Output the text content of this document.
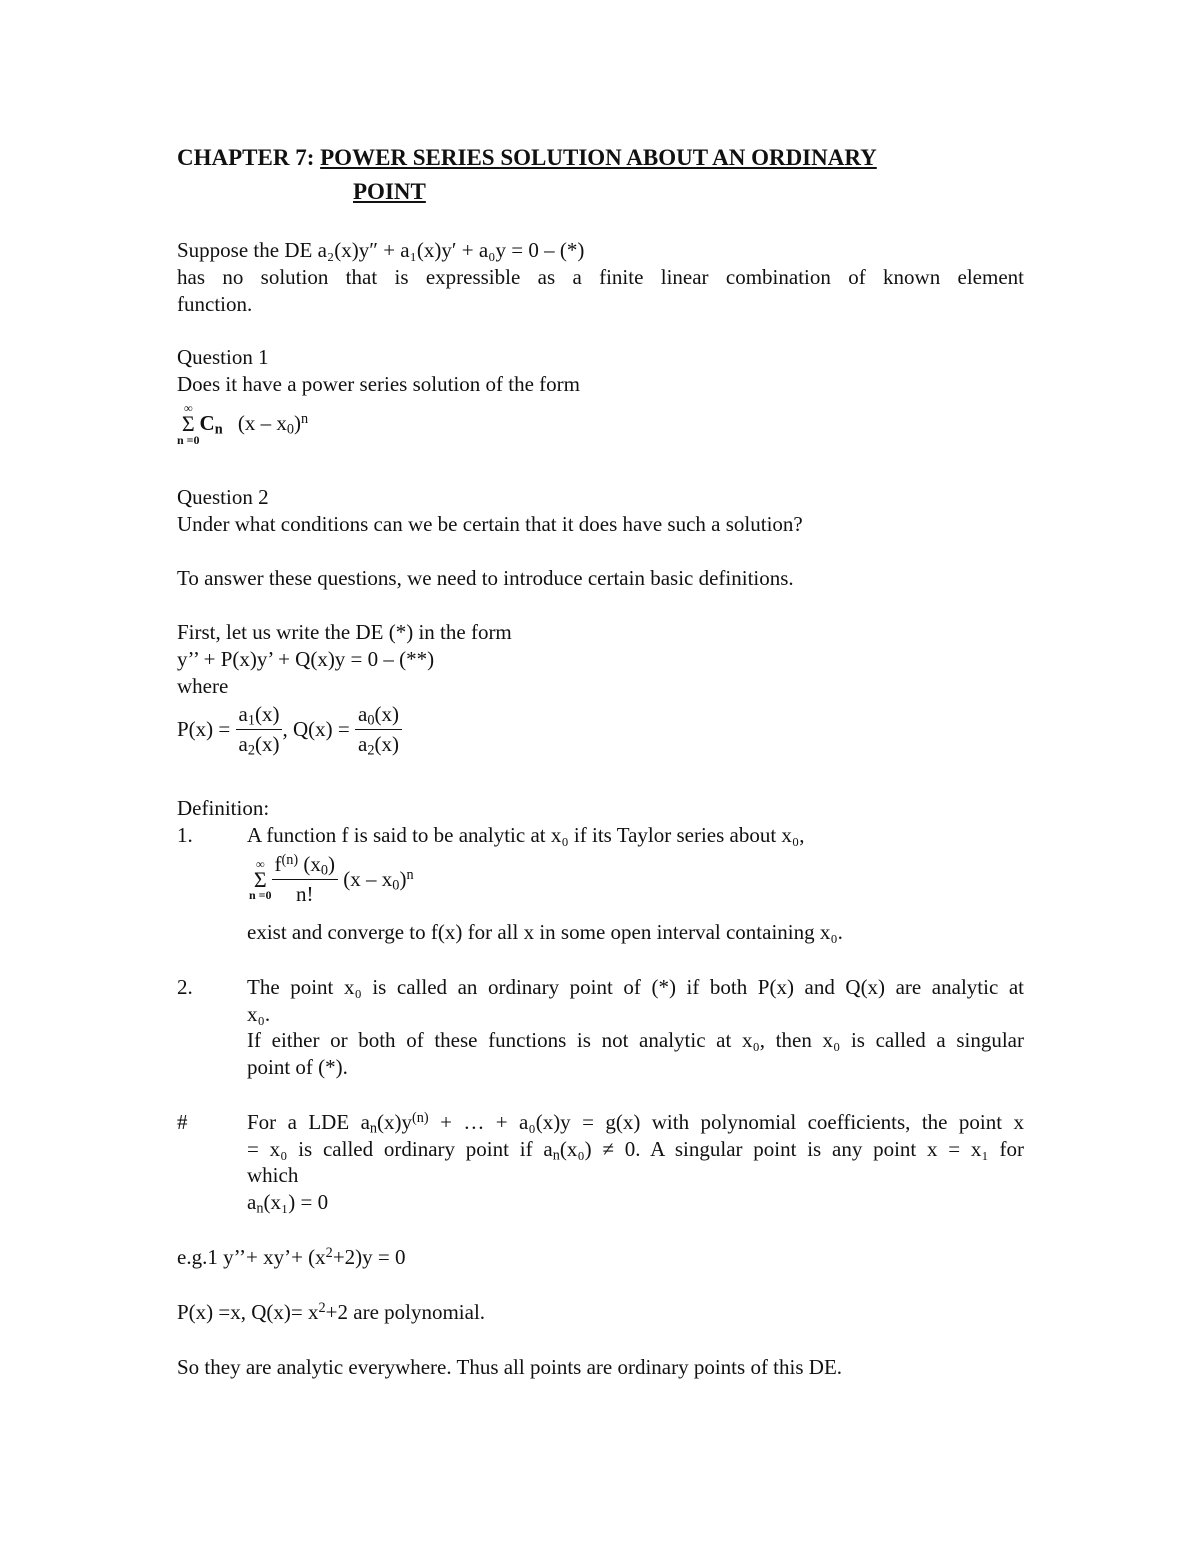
CHAPTER 7: POWER SERIES SOLUTION ABOUT AN ORDINARY
POINT
Suppose the DE a₂(x)y″ + a₁(x)y′ + a₀y = 0 – (*)
has no solution that is expressible as a finite linear combination of known element
function.
Question 1
Does it have a power series solution of the form
∞
Σ
n =0
$C_n$ $(x - x_0)^n$
Question 2
Under what conditions can we be certain that it does have such a solution?
To answer these questions, we need to introduce certain basic definitions.
First, let us write the DE (*) in the form
y’’ + P(x)y’ + Q(x)y = 0 – (**)
where
$P(x) = \frac{a_1(x)}{a_2(x)}$ , $Q(x) = \frac{a_0(x)}{a_2(x)}$
Definition:
1.	A function f is said to be analytic at x₀ if its Taylor series about x₀,
∞
Σ
$n =0 \frac{f^{(n)} (x_0)}{n!} (x - x_0)^n$
exist and converge to f(x) for all x in some open interval containing x₀.
2.	The point x₀ is called an ordinary point of (*) if both P(x) and Q(x) are analytic at
x₀.
If either or both of these functions is not analytic at x₀, then x₀ is called a singular
point of (*).
#	For a LDE $a_n(x)y^{(n)}$ + … + a₀(x)y = g(x) with polynomial coefficients, the point x
= x₀ is called ordinary point if $a_n(x_0) \ne 0$. A singular point is any point x = x₁ for
which
$a_n(x_1) = 0$
e.g.1 y’’+ xy’+ $(x^2+2)y = 0$
P(x) =x, $Q(x)= x^2+2$ are polynomial.
So they are analytic everywhere. Thus all points are ordinary points of this DE.
